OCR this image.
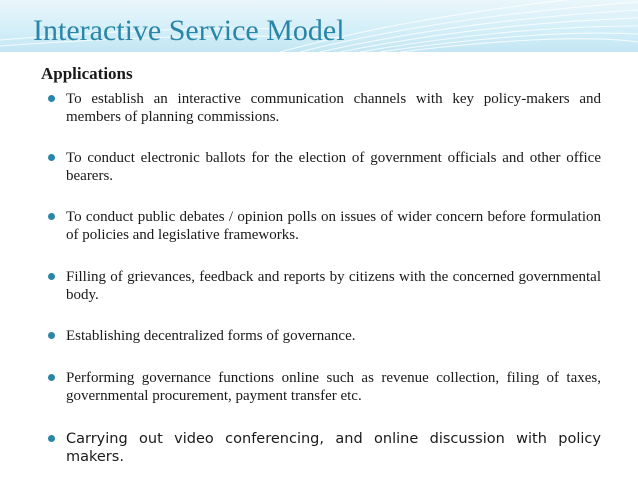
Interactive Service Model
Applications
To establish an interactive communication channels with key policy-makers and members of planning commissions.
To conduct electronic ballots for the election of government officials and other office bearers.
To conduct public debates / opinion polls on issues of wider concern before formulation of policies and legislative frameworks.
Filling of grievances, feedback and reports by citizens with the concerned governmental body.
Establishing decentralized forms of governance.
Performing governance functions online such as revenue collection, filing of taxes, governmental procurement, payment transfer etc.
Carrying out video conferencing, and online discussion with policy makers.
